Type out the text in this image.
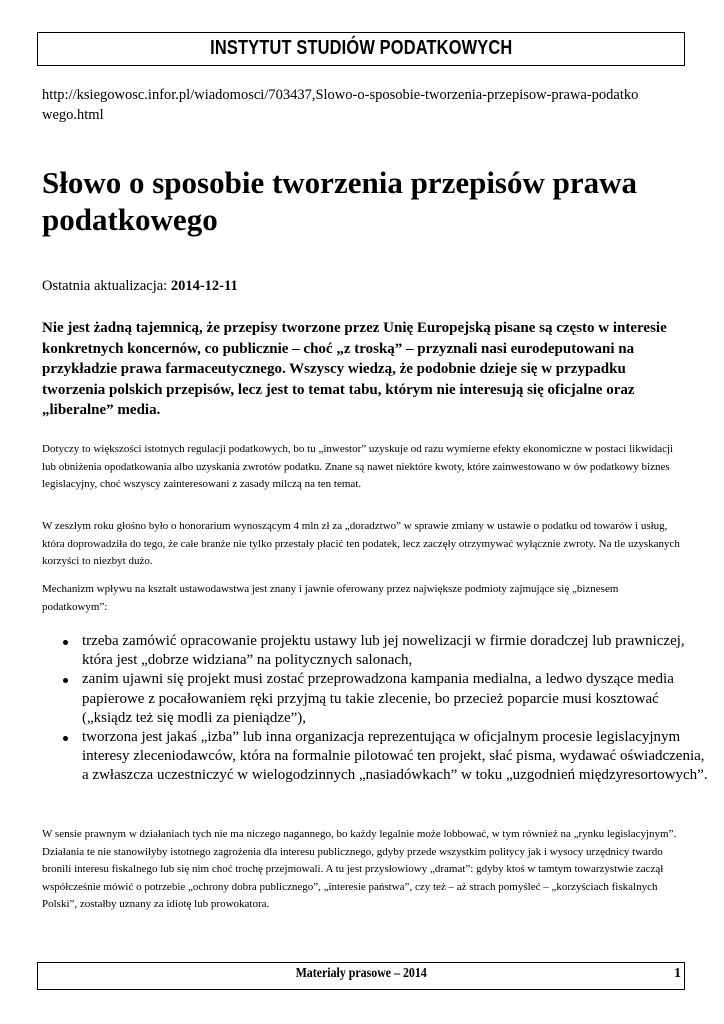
INSTYTUT STUDIÓW PODATKOWYCH
http://ksiegowosc.infor.pl/wiadomosci/703437,Slowo-o-sposobie-tworzenia-przepisow-prawa-podatkowego.html
Słowo o sposobie tworzenia przepisów prawa podatkowego
Ostatnia aktualizacja: 2014-12-11
Nie jest żadną tajemnicą, że przepisy tworzone przez Unię Europejską pisane są często w interesie konkretnych koncernów, co publicznie – choć „z troską” – przyznali nasi eurodeputowani na przykładzie prawa farmaceutycznego. Wszyscy wiedzą, że podobnie dzieje się w przypadku tworzenia polskich przepisów, lecz jest to temat tabu, którym nie interesują się oficjalne oraz „liberalne” media.
Dotyczy to większości istotnych regulacji podatkowych, bo tu „inwestor” uzyskuje od razu wymierne efekty ekonomiczne w postaci likwidacji lub obniżenia opodatkowania albo uzyskania zwrotów podatku. Znane są nawet niektóre kwoty, które zainwestowano w ów podatkowy biznes legislacyjny, choć wszyscy zainteresowani z zasady milczą na ten temat.
W zeszłym roku głośno było o honorarium wynoszącym 4 mln zł za „doradztwo” w sprawie zmiany w ustawie o podatku od towarów i usług, która doprowadziła do tego, że całe branże nie tylko przestały płacić ten podatek, lecz zaczęły otrzymywać wyłącznie zwroty. Na tle uzyskanych korzyści to niezbyt dużo.
Mechanizm wpływu na kształt ustawodawstwa jest znany i jawnie oferowany przez największe podmioty zajmujące się „biznesem podatkowym”:
trzeba zamówić opracowanie projektu ustawy lub jej nowelizacji w firmie doradczej lub prawniczej, która jest „dobrze widziana” na politycznych salonach,
zanim ujawni się projekt musi zostać przeprowadzona kampania medialna, a ledwo dyszące media papierowe z pocałowaniem ręki przyjmą tu takie zlecenie, bo przecież poparcie musi kosztować („ksiądz też się modli za pieniądze”),
tworzona jest jakaś „izba” lub inna organizacja reprezentująca w oficjalnym procesie legislacyjnym interesy zleceniodawców, która na formalnie pilotować ten projekt, słać pisma, wydawać oświadczenia, a zwłaszcza uczestniczyć w wielogodzinnych „nasiadówkach” w toku „uzgodnień międzyresortowych”.
W sensie prawnym w działaniach tych nie ma niczego nagannego, bo każdy legalnie może lobbować, w tym również na „rynku legislacyjnym”. Działania te nie stanowiłyby istotnego zagrożenia dla interesu publicznego, gdyby przede wszystkim politycy jak i wysocy urzędnicy twardo bronili interesu fiskalnego lub się nim choć trochę przejmowali. A tu jest przysłowiowy „dramat”: gdyby ktoś w tamtym towarzystwie zaczął współcześnie mówić o potrzebie „ochrony dobra publicznego”, „interesie państwa”, czy też – aż strach pomyśleć – „korzyściach fiskalnych Polski”, zostałby uznany za idiotę lub prowokatora.
Materiały prasowe – 2014	1
